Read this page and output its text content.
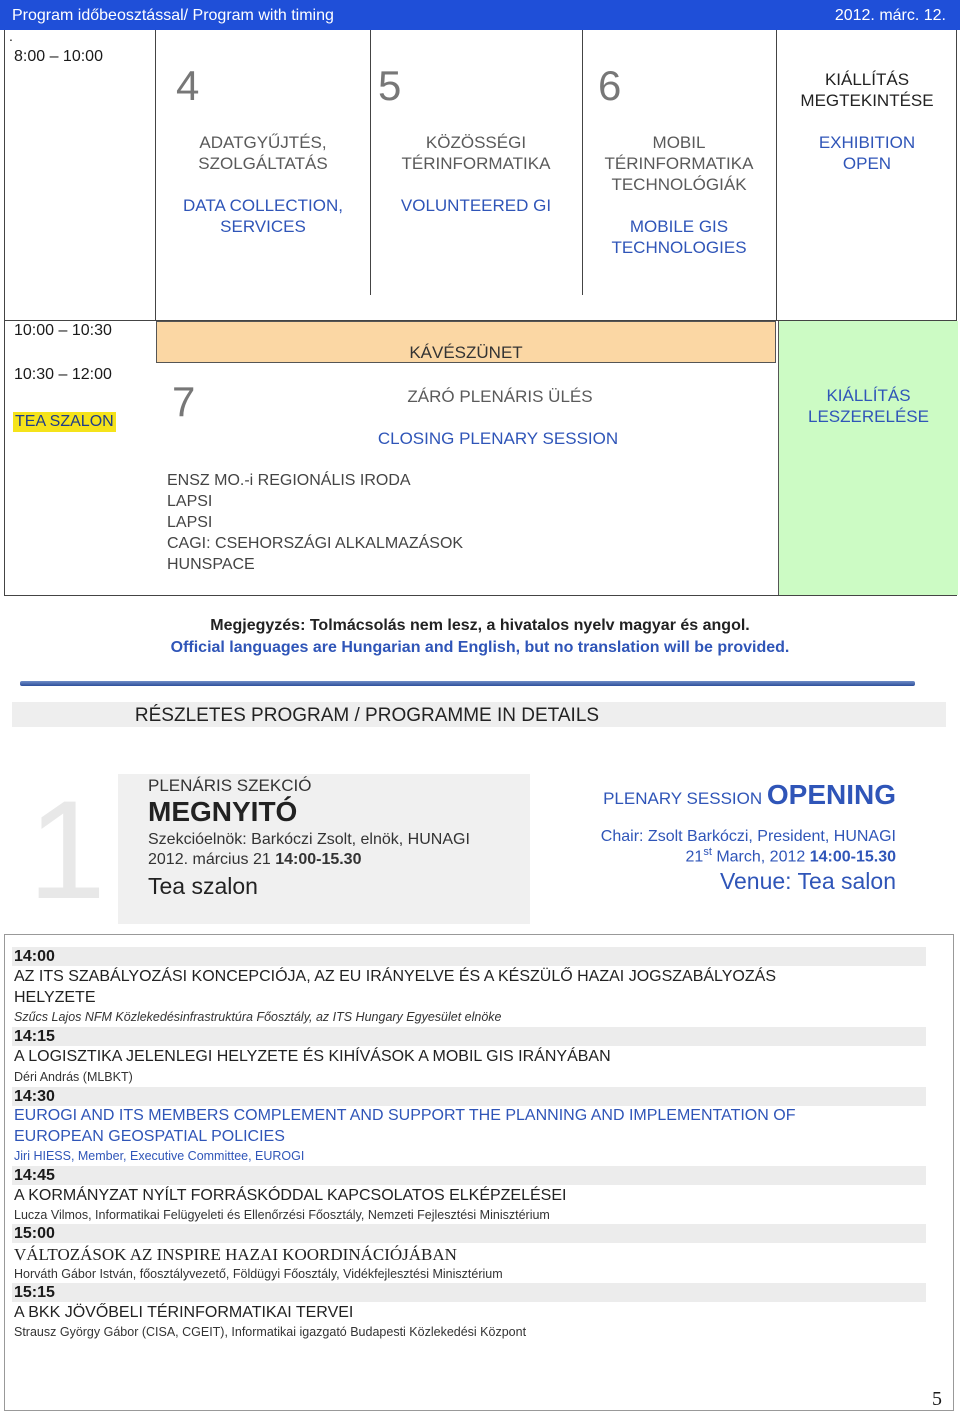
Program időbeosztással/ Program with timing	2012. márc. 12.
.
8:00 – 10:00
4
ADATGYŰJTÉS,
SZOLGÁLTATÁS
DATA COLLECTION,
SERVICES
5
KÖZÖSSÉGI
TÉRINFORMATIKA
VOLUNTEERED GI
6
MOBIL
TÉRINFORMATIKA
TECHNOLÓGIÁK
MOBILE GIS
TECHNOLOGIES
KIÁLLÍTÁS
MEGTEKINTÉSE
EXHIBITION
OPEN
10:00 – 10:30
10:30 – 12:00
TEA SZALON
KÁVÉSZÜNET
7	ZÁRÓ PLENÁRIS ÜLÉS
CLOSING PLENARY SESSION
KIÁLLÍTÁS
LESZERELÉSE
ENSZ MO.-i REGIONÁLIS IRODA
LAPSI
LAPSI
CAGI: CSEHORSZÁGI ALKALMAZÁSOK
HUNSPACE
Megjegyzés: Tolmácsolás nem lesz, a hivatalos nyelv magyar és angol.
Official languages are Hungarian and English, but no translation will be provided.
RÉSZLETES PROGRAM / PROGRAMME IN DETAILS
1 PLENÁRIS SZEKCIÓ
MEGNYITÓ
Szekcióelnök: Barkóczi Zsolt, elnök, HUNAGI
2012. március 21 14:00-15.30
Tea szalon
PLENARY SESSION OPENING
Chair: Zsolt Barkóczi, President, HUNAGI
21st March, 2012 14:00-15.30
Venue: Tea salon
14:00
AZ ITS SZABÁLYOZÁSI KONCEPCIÓJA, AZ EU IRÁNYELVE ÉS A KÉSZÜLŐ HAZAI JOGSZABÁLYOZÁS
HELYZETE
Szűcs Lajos NFM Közlekedésinfrastruktúra Főosztály, az ITS Hungary Egyesület elnöke
14:15
A LOGISZTIKA JELENLEGI HELYZETE ÉS KIHÍVÁSOK A MOBIL GIS IRÁNYÁBAN
Déri András (MLBKT)
14:30
EUROGI AND ITS MEMBERS COMPLEMENT AND SUPPORT THE PLANNING AND IMPLEMENTATION OF
EUROPEAN GEOSPATIAL POLICIES
Jiri HIESS, Member, Executive Committee, EUROGI
14:45
A KORMÁNYZAT NYÍLT FORRÁSKÓDDAL KAPCSOLATOS ELKÉPZELÉSEI
Lucza Vilmos, Informatikai Felügyeleti és Ellenőrzési Főosztály, Nemzeti Fejlesztési Minisztérium
15:00
VÁLTOZÁSOK AZ INSPIRE HAZAI KOORDINÁCIÓJÁBAN
Horváth Gábor István, főosztályvezető, Földügyi Főosztály, Vidékfejlesztési Minisztérium
15:15
A BKK JÖVŐBELI TÉRINFORMATIKAI TERVEI
Strausz György Gábor (CISA, CGEIT), Informatikai igazgató Budapesti Közlekedési Központ
5
